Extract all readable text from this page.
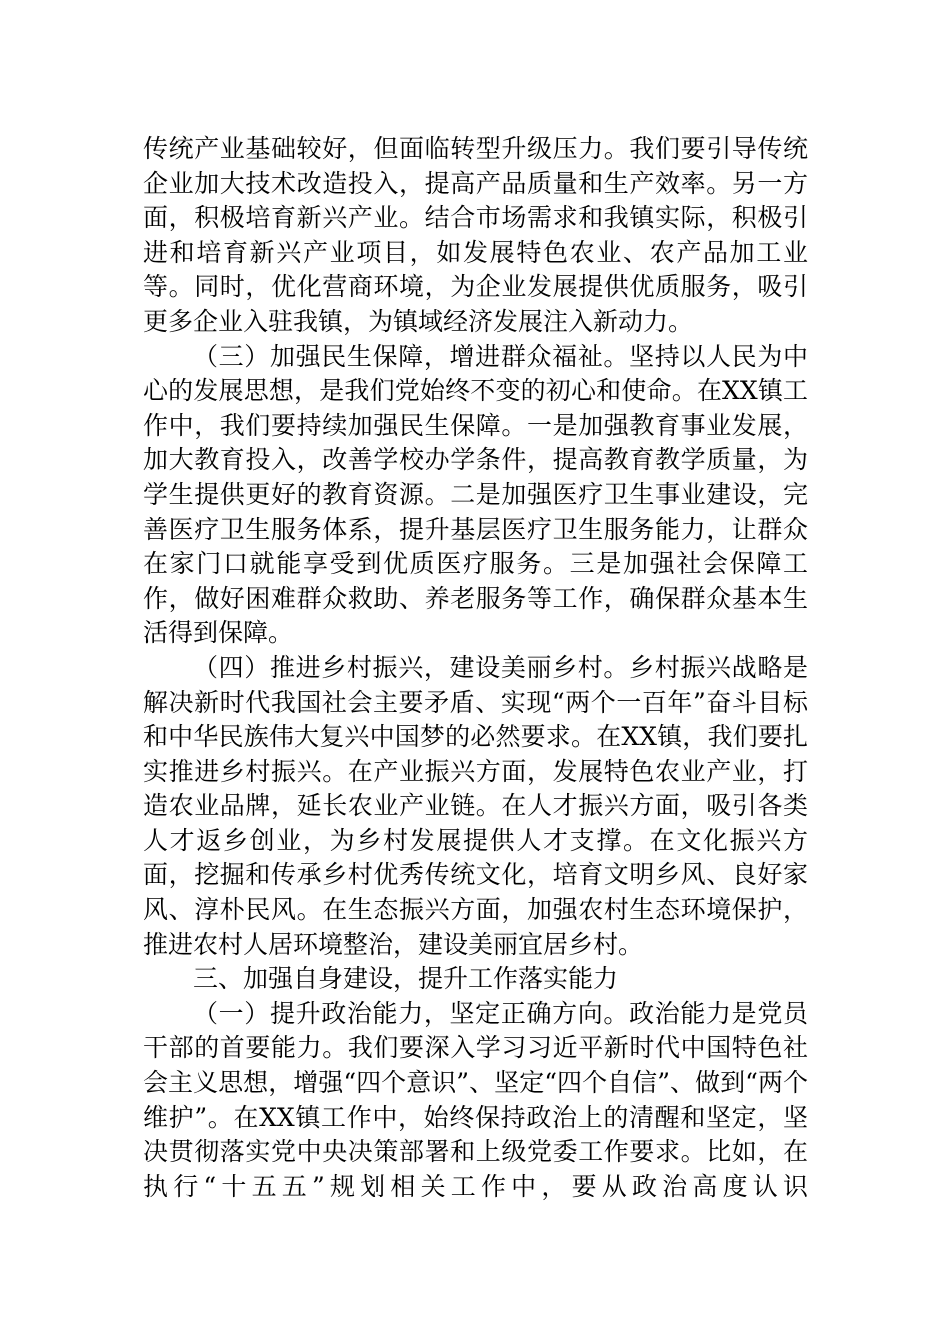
传统产业基础较好，但面临转型升级压力。我们要引导传统企业加大技术改造投入，提高产品质量和生产效率。另一方面，积极培育新兴产业。结合市场需求和我镇实际，积极引进和培育新兴产业项目，如发展特色农业、农产品加工业等。同时，优化营商环境，为企业发展提供优质服务，吸引更多企业入驻我镇，为镇域经济发展注入新动力。

（三）加强民生保障，增进群众福祉。坚持以人民为中心的发展思想，是我们党始终不变的初心和使命。在XX镇工作中，我们要持续加强民生保障。一是加强教育事业发展，加大教育投入，改善学校办学条件，提高教育教学质量，为学生提供更好的教育资源。二是加强医疗卫生事业建设，完善医疗卫生服务体系，提升基层医疗卫生服务能力，让群众在家门口就能享受到优质医疗服务。三是加强社会保障工作，做好困难群众救助、养老服务等工作，确保群众基本生活得到保障。

（四）推进乡村振兴，建设美丽乡村。乡村振兴战略是解决新时代我国社会主要矛盾、实现“两个一百年”奋斗目标和中华民族伟大复兴中国梦的必然要求。在XX镇，我们要扎实推进乡村振兴。在产业振兴方面，发展特色农业产业，打造农业品牌，延长农业产业链。在人才振兴方面，吸引各类人才返乡创业，为乡村发展提供人才支撑。在文化振兴方面，挖掘和传承乡村优秀传统文化，培育文明乡风、良好家风、淳朴民风。在生态振兴方面，加强农村生态环境保护，推进农村人居环境整治，建设美丽宜居乡村。

三、加强自身建设，提升工作落实能力

（一）提升政治能力，坚定正确方向。政治能力是党员干部的首要能力。我们要深入学习习近平新时代中国特色社会主义思想，增强“四个意识”、坚定“四个自信”、做到“两个维护”。在XX镇工作中，始终保持政治上的清醒和坚定，坚决贯彻落实党中央决策部署和上级党委工作要求。比如，在执行“十五五”规划相关工作中，要从政治高度认识
